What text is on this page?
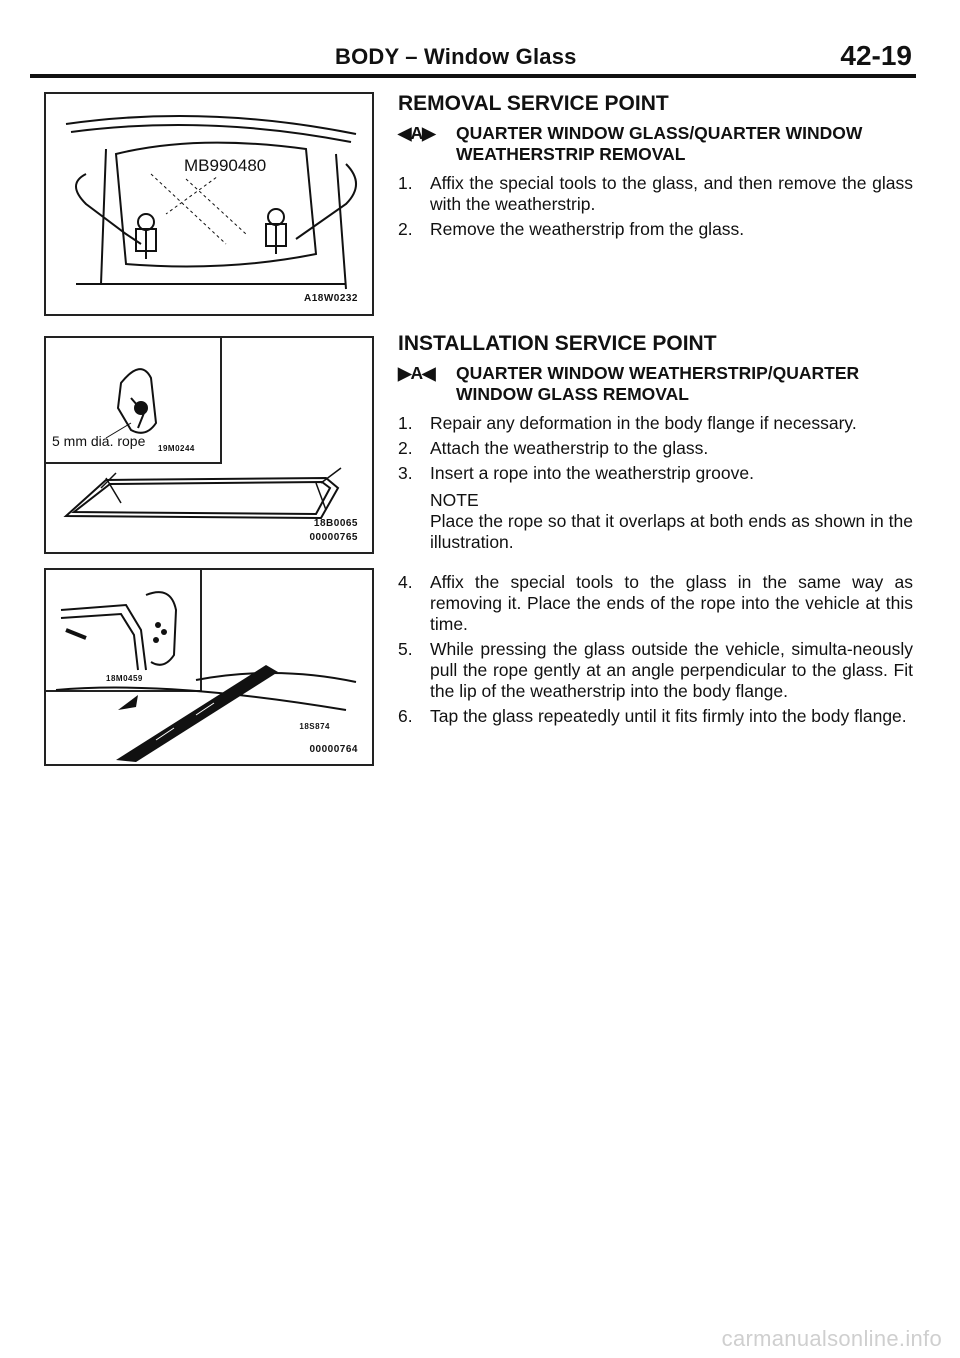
BODY – Window Glass	42-19
MB990480
A18W0232
5 mm dia. rope 19M0244
18B0065
00000765
18M0459
18S874
00000764
REMOVAL SERVICE POINT
◀A▶	QUARTER WINDOW GLASS/QUARTER WINDOW WEATHERSTRIP REMOVAL
1. Affix the special tools to the glass, and then remove the glass with the weatherstrip.
2. Remove the weatherstrip from the glass.
INSTALLATION SERVICE POINT
▶A◀	QUARTER WINDOW WEATHERSTRIP/QUARTER WINDOW GLASS REMOVAL
1. Repair any deformation in the body flange if necessary.
2. Attach the weatherstrip to the glass.
3. Insert a rope into the weatherstrip groove.
NOTE
Place the rope so that it overlaps at both ends as shown in the illustration.
4. Affix the special tools to the glass in the same way as removing it. Place the ends of the rope into the vehicle at this time.
5. While pressing the glass outside the vehicle, simulta-neously pull the rope gently at an angle perpendicular to the glass. Fit the lip of the weatherstrip into the body flange.
6. Tap the glass repeatedly until it fits firmly into the body flange.
carmanualsonline.info
